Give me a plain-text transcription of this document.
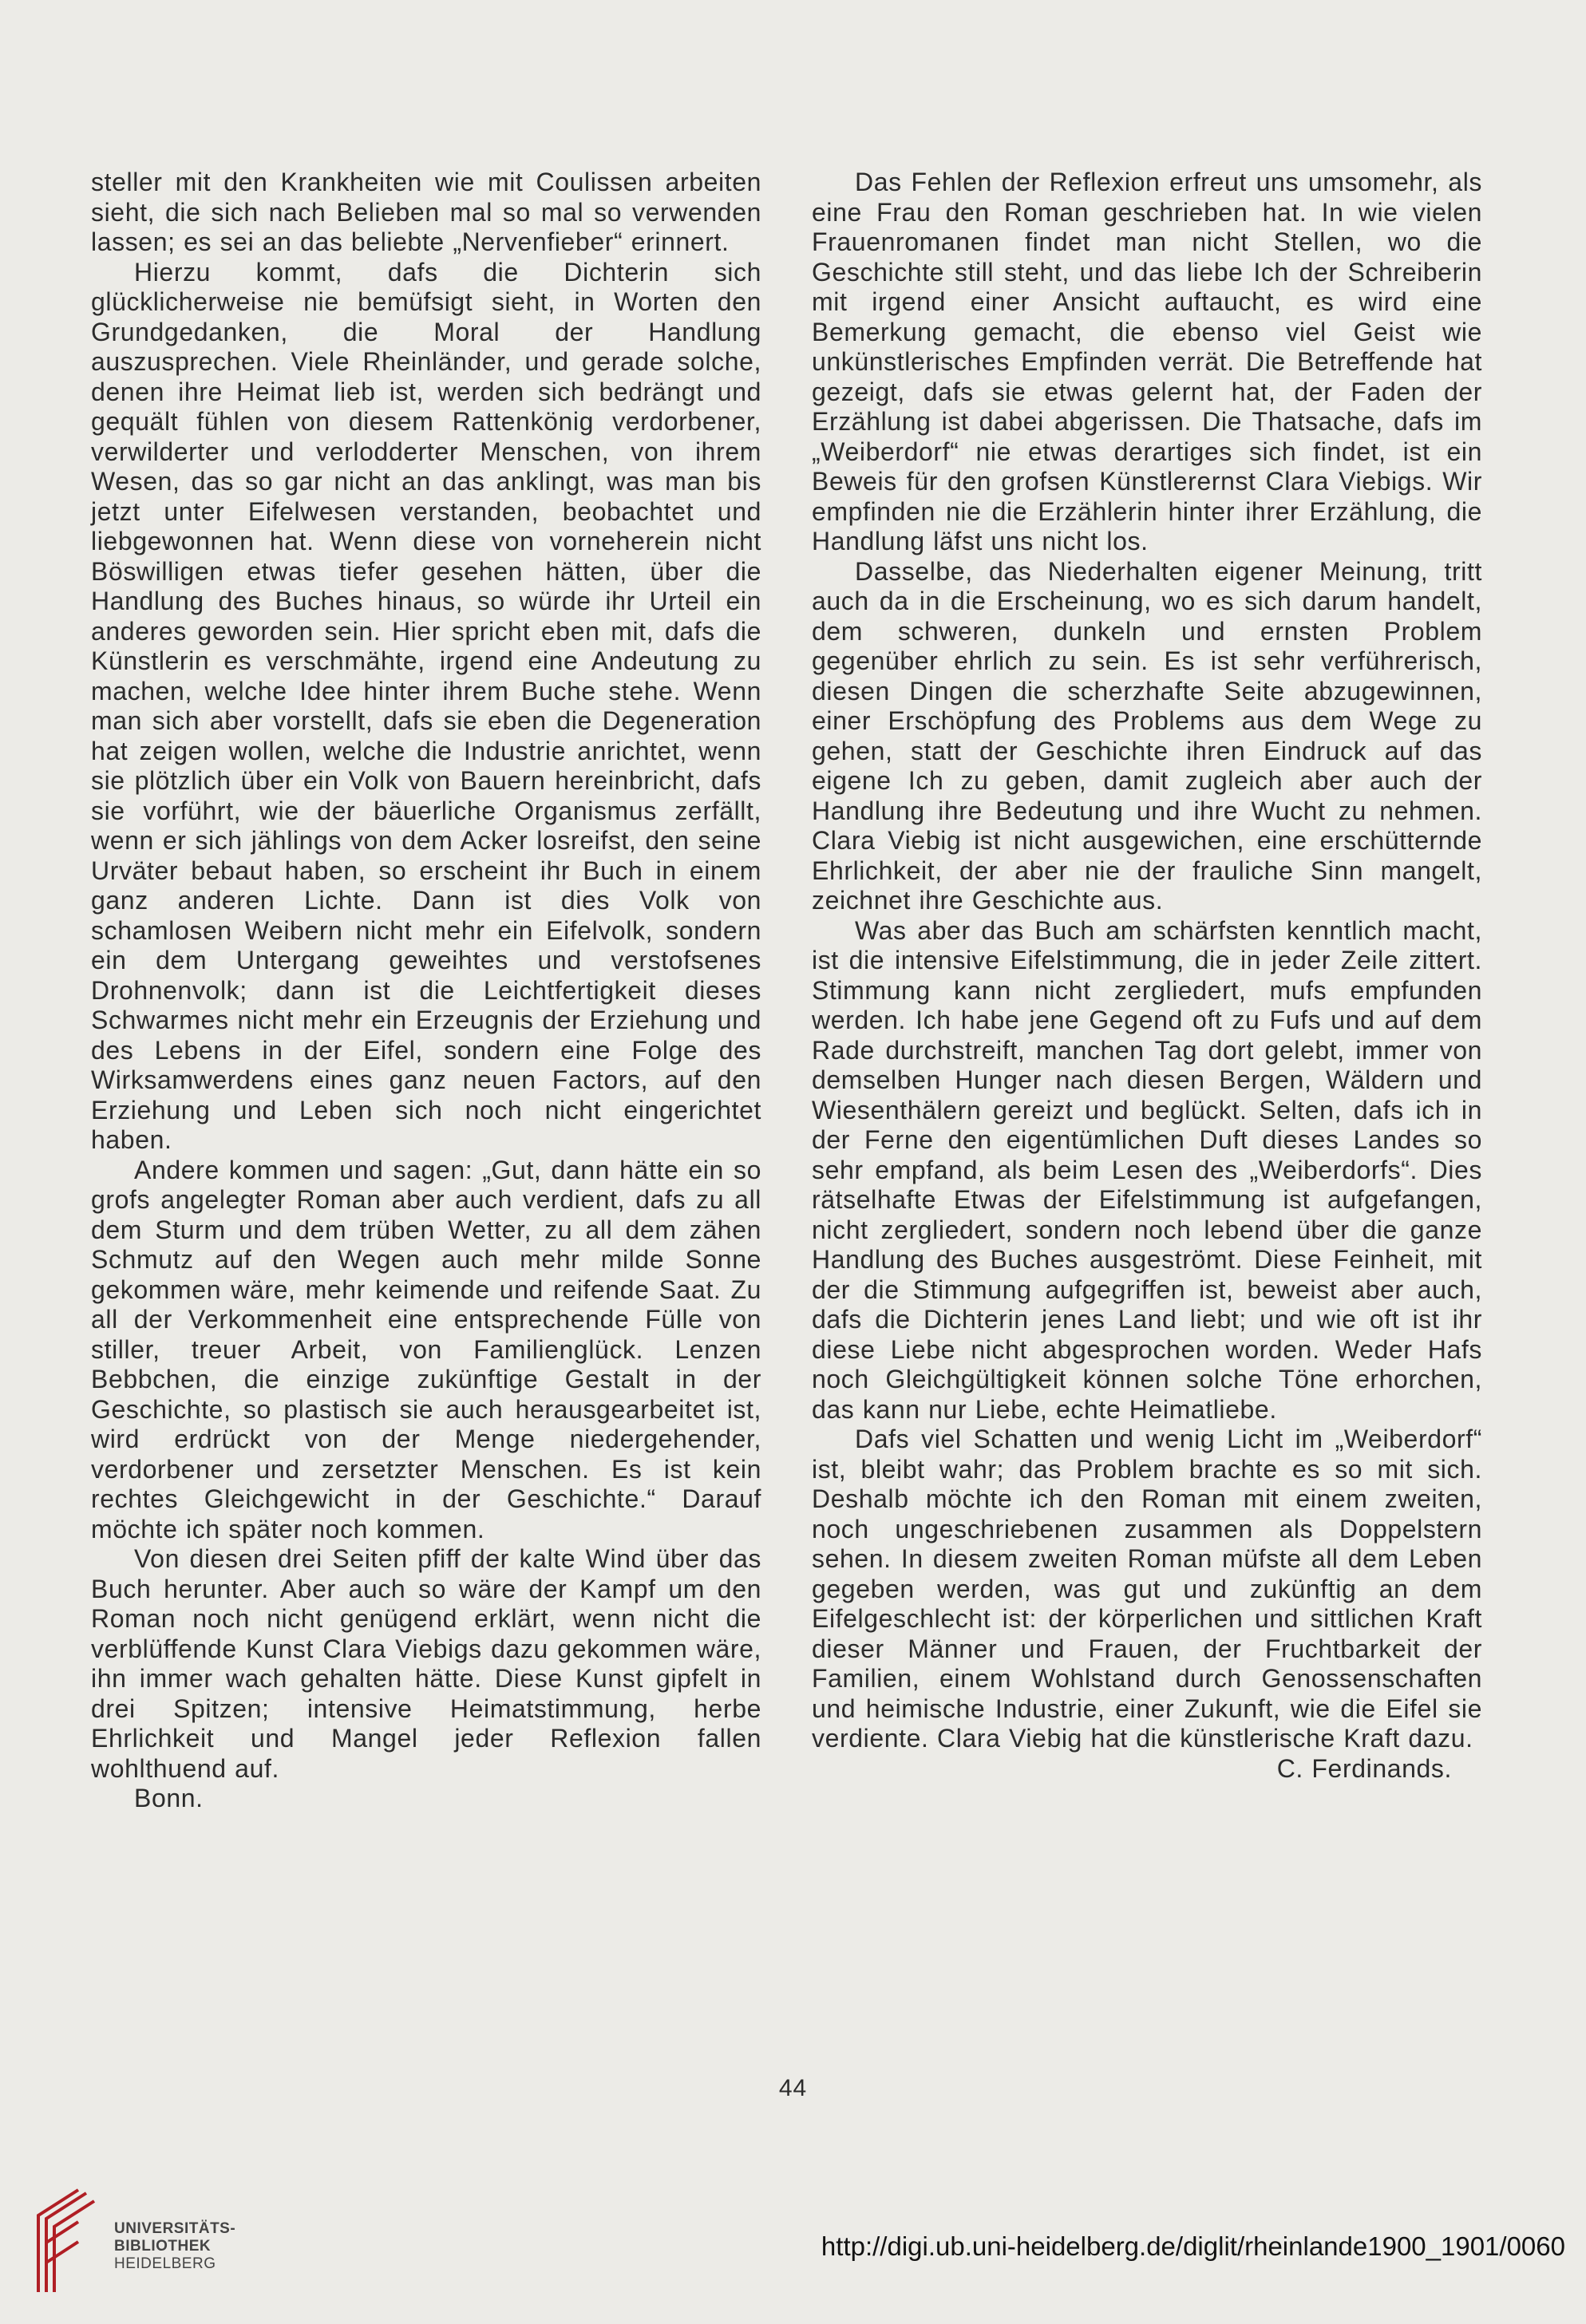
steller mit den Krankheiten wie mit Coulissen arbeiten sieht, die sich nach Belieben mal so mal so verwenden lassen; es sei an das beliebte „Nervenfieber“ erinnert.

Hierzu kommt, dafs die Dichterin sich glücklicherweise nie bemüfsigt sieht, in Worten den Grundgedanken, die Moral der Handlung auszusprechen. Viele Rheinländer, und gerade solche, denen ihre Heimat lieb ist, werden sich bedrängt und gequält fühlen von diesem Rattenkönig verdorbener, verwilderter und verlodderter Menschen, von ihrem Wesen, das so gar nicht an das anklingt, was man bis jetzt unter Eifelwesen verstanden, beobachtet und liebgewonnen hat. Wenn diese von vorneherein nicht Böswilligen etwas tiefer gesehen hätten, über die Handlung des Buches hinaus, so würde ihr Urteil ein anderes geworden sein. Hier spricht eben mit, dafs die Künstlerin es verschmähte, irgend eine Andeutung zu machen, welche Idee hinter ihrem Buche stehe. Wenn man sich aber vorstellt, dafs sie eben die Degeneration hat zeigen wollen, welche die Industrie anrichtet, wenn sie plötzlich über ein Volk von Bauern hereinbricht, dafs sie vorführt, wie der bäuerliche Organismus zerfällt, wenn er sich jählings von dem Acker losreifst, den seine Urväter bebaut haben, so erscheint ihr Buch in einem ganz anderen Lichte. Dann ist dies Volk von schamlosen Weibern nicht mehr ein Eifelvolk, sondern ein dem Untergang geweihtes und verstofsenes Drohnenvolk; dann ist die Leichtfertigkeit dieses Schwarmes nicht mehr ein Erzeugnis der Erziehung und des Lebens in der Eifel, sondern eine Folge des Wirksamwerdens eines ganz neuen Factors, auf den Erziehung und Leben sich noch nicht eingerichtet haben.

Andere kommen und sagen: „Gut, dann hätte ein so grofs angelegter Roman aber auch verdient, dafs zu all dem Sturm und dem trüben Wetter, zu all dem zähen Schmutz auf den Wegen auch mehr milde Sonne gekommen wäre, mehr keimende und reifende Saat. Zu all der Verkommenheit eine entsprechende Fülle von stiller, treuer Arbeit, von Familienglück. Lenzen Bebbchen, die einzige zukünftige Gestalt in der Geschichte, so plastisch sie auch herausgearbeitet ist, wird erdrückt von der Menge niedergehender, verdorbener und zersetzter Menschen. Es ist kein rechtes Gleichgewicht in der Geschichte.“ Darauf möchte ich später noch kommen.

Von diesen drei Seiten pfiff der kalte Wind über das Buch herunter. Aber auch so wäre der Kampf um den Roman noch nicht genügend erklärt, wenn nicht die verblüffende Kunst Clara Viebigs dazu gekommen wäre, ihn immer wach gehalten hätte. Diese Kunst gipfelt in drei Spitzen; intensive Heimatstimmung, herbe Ehrlichkeit und Mangel jeder Reflexion fallen wohlthuend auf.

Bonn.

Das Fehlen der Reflexion erfreut uns umsomehr, als eine Frau den Roman geschrieben hat. In wie vielen Frauenromanen findet man nicht Stellen, wo die Geschichte still steht, und das liebe Ich der Schreiberin mit irgend einer Ansicht auftaucht, es wird eine Bemerkung gemacht, die ebenso viel Geist wie unkünstlerisches Empfinden verrät. Die Betreffende hat gezeigt, dafs sie etwas gelernt hat, der Faden der Erzählung ist dabei abgerissen. Die Thatsache, dafs im „Weiberdorf“ nie etwas derartiges sich findet, ist ein Beweis für den grofsen Künstlerernst Clara Viebigs. Wir empfinden nie die Erzählerin hinter ihrer Erzählung, die Handlung läfst uns nicht los.

Dasselbe, das Niederhalten eigener Meinung, tritt auch da in die Erscheinung, wo es sich darum handelt, dem schweren, dunkeln und ernsten Problem gegenüber ehrlich zu sein. Es ist sehr verführerisch, diesen Dingen die scherzhafte Seite abzugewinnen, einer Erschöpfung des Problems aus dem Wege zu gehen, statt der Geschichte ihren Eindruck auf das eigene Ich zu geben, damit zugleich aber auch der Handlung ihre Bedeutung und ihre Wucht zu nehmen. Clara Viebig ist nicht ausgewichen, eine erschütternde Ehrlichkeit, der aber nie der frauliche Sinn mangelt, zeichnet ihre Geschichte aus.

Was aber das Buch am schärfsten kenntlich macht, ist die intensive Eifelstimmung, die in jeder Zeile zittert. Stimmung kann nicht zergliedert, mufs empfunden werden. Ich habe jene Gegend oft zu Fufs und auf dem Rade durchstreift, manchen Tag dort gelebt, immer von demselben Hunger nach diesen Bergen, Wäldern und Wiesenthälern gereizt und beglückt. Selten, dafs ich in der Ferne den eigentümlichen Duft dieses Landes so sehr empfand, als beim Lesen des „Weiberdorfs“. Dies rätselhafte Etwas der Eifelstimmung ist aufgefangen, nicht zergliedert, sondern noch lebend über die ganze Handlung des Buches ausgeströmt. Diese Feinheit, mit der die Stimmung aufgegriffen ist, beweist aber auch, dafs die Dichterin jenes Land liebt; und wie oft ist ihr diese Liebe nicht abgesprochen worden. Weder Hafs noch Gleichgültigkeit können solche Töne erhorchen, das kann nur Liebe, echte Heimatliebe.

Dafs viel Schatten und wenig Licht im „Weiberdorf“ ist, bleibt wahr; das Problem brachte es so mit sich. Deshalb möchte ich den Roman mit einem zweiten, noch ungeschriebenen zusammen als Doppelstern sehen. In diesem zweiten Roman müfste all dem Leben gegeben werden, was gut und zukünftig an dem Eifelgeschlecht ist: der körperlichen und sittlichen Kraft dieser Männer und Frauen, der Fruchtbarkeit der Familien, einem Wohlstand durch Genossenschaften und heimische Industrie, einer Zukunft, wie die Eifel sie verdiente. Clara Viebig hat die künstlerische Kraft dazu.

C. Ferdinands.

44
UNIVERSITÄTS-
BIBLIOTHEK
HEIDELBERG
http://digi.ub.uni-heidelberg.de/diglit/rheinlande1900_1901/0060
